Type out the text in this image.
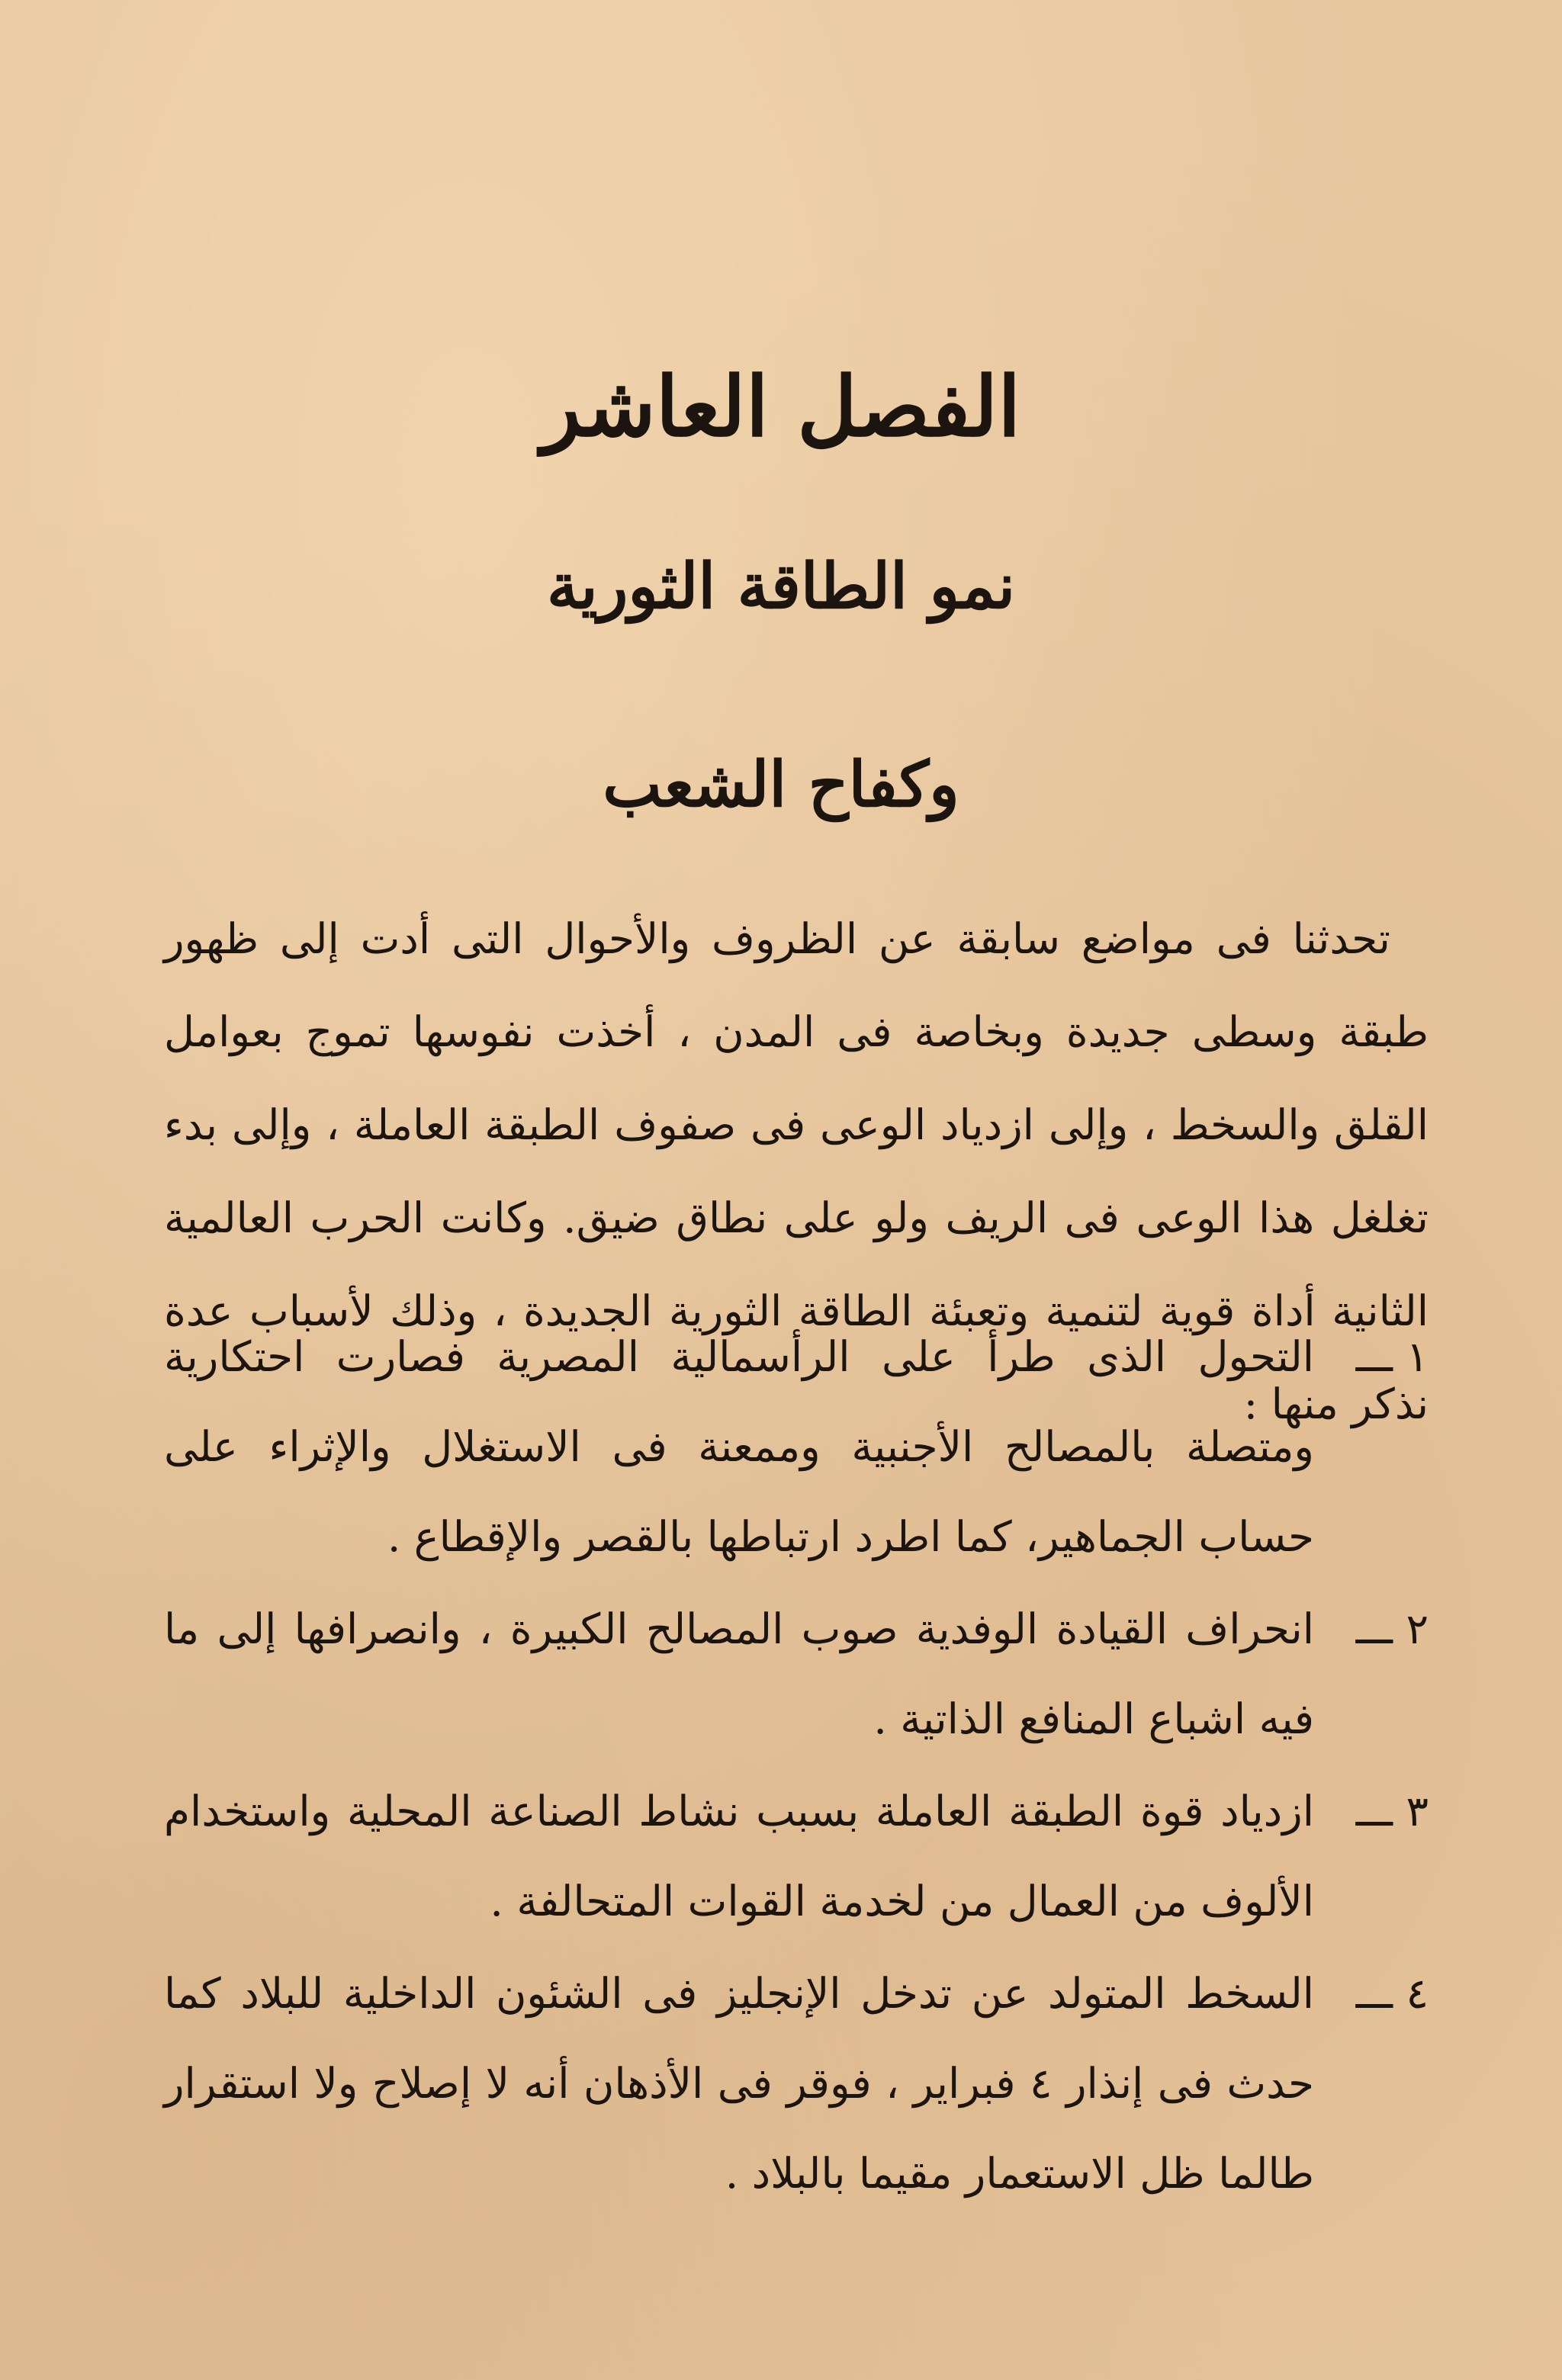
الفصل العاشر
نمو الطاقة الثورية
وكفاح الشعب

تحدثنا فى مواضع سابقة عن الظروف والأحوال التى أدت إلى ظهور طبقة وسطى جديدة وبخاصة فى المدن ، أخذت نفوسها تموج بعوامل القلق والسخط ، وإلى ازدياد الوعى فى صفوف الطبقة العاملة ، وإلى بدء تغلغل هذا الوعى فى الريف ولو على نطاق ضيق. وكانت الحرب العالمية الثانية أداة قوية لتنمية وتعبئة الطاقة الثورية الجديدة ، وذلك لأسباب عدة نذكر منها :

١ ـــ
التحول الذى طرأ على الرأسمالية المصرية فصارت احتكارية ومتصلة بالمصالح الأجنبية وممعنة فى الاستغلال والإثراء على حساب الجماهير، كما اطرد ارتباطها بالقصر والإقطاع .
٢ ـــ
انحراف القيادة الوفدية صوب المصالح الكبيرة ، وانصرافها إلى ما فيه اشباع المنافع الذاتية .
٣ ـــ
ازدياد قوة الطبقة العاملة بسبب نشاط الصناعة المحلية واستخدام الألوف من العمال من لخدمة القوات المتحالفة .
٤ ـــ
السخط المتولد عن تدخل الإنجليز فى الشئون الداخلية للبلاد كما حدث فى إنذار ٤ فبراير ، فوقر فى الأذهان أنه لا إصلاح ولا استقرار طالما ظل الاستعمار مقيما بالبلاد .
